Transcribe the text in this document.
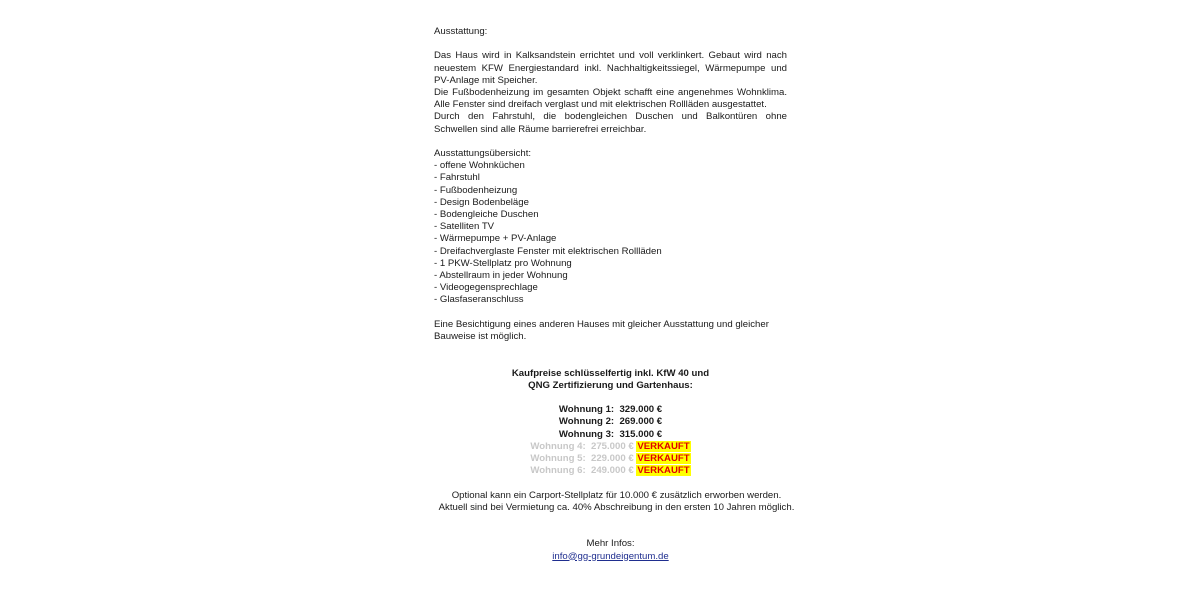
Ausstattung:

Das Haus wird in Kalksandstein errichtet und voll verklinkert. Gebaut wird nach neuestem KFW Energiestandard inkl. Nachhaltigkeitssiegel, Wärmepumpe und PV-Anlage mit Speicher.

Die Fußbodenheizung im gesamten Objekt schafft eine angenehmes Wohnklima. Alle Fenster sind dreifach verglast und mit elektrischen Rollläden ausgestattet.

Durch den Fahrstuhl, die bodengleichen Duschen und Balkontüren ohne Schwellen sind alle Räume barrierefrei erreichbar.

Ausstattungsübersicht:

- offene Wohnküchen
- Fahrstuhl
- Fußbodenheizung
- Design Bodenbeläge
- Bodengleiche Duschen
- Satelliten TV
- Wärmepumpe + PV-Anlage
- Dreifachverglaste Fenster mit elektrischen Rollläden
- 1 PKW-Stellplatz pro Wohnung
- Abstellraum in jeder Wohnung
- Videogegensprechlage
- Glasfaseranschluss

Eine Besichtigung eines anderen Hauses mit gleicher Ausstattung und gleicher Bauweise ist möglich.

Kaufpreise schlüsselfertig inkl. KfW 40 und

QNG Zertifizierung und Gartenhaus:

Wohnung 1: 329.000 €
Wohnung 2: 269.000 €
Wohnung 3: 315.000 €
Wohnung 4: 275.000 € VERKAUFT
Wohnung 5: 229.000 € VERKAUFT
Wohnung 6: 249.000 € VERKAUFT

Optional kann ein Carport-Stellplatz für 10.000 € zusätzlich erworben werden.

Aktuell sind bei Vermietung ca. 40% Abschreibung in den ersten 10 Jahren möglich.

Mehr Infos:

info@gg-grundeigentum.de
